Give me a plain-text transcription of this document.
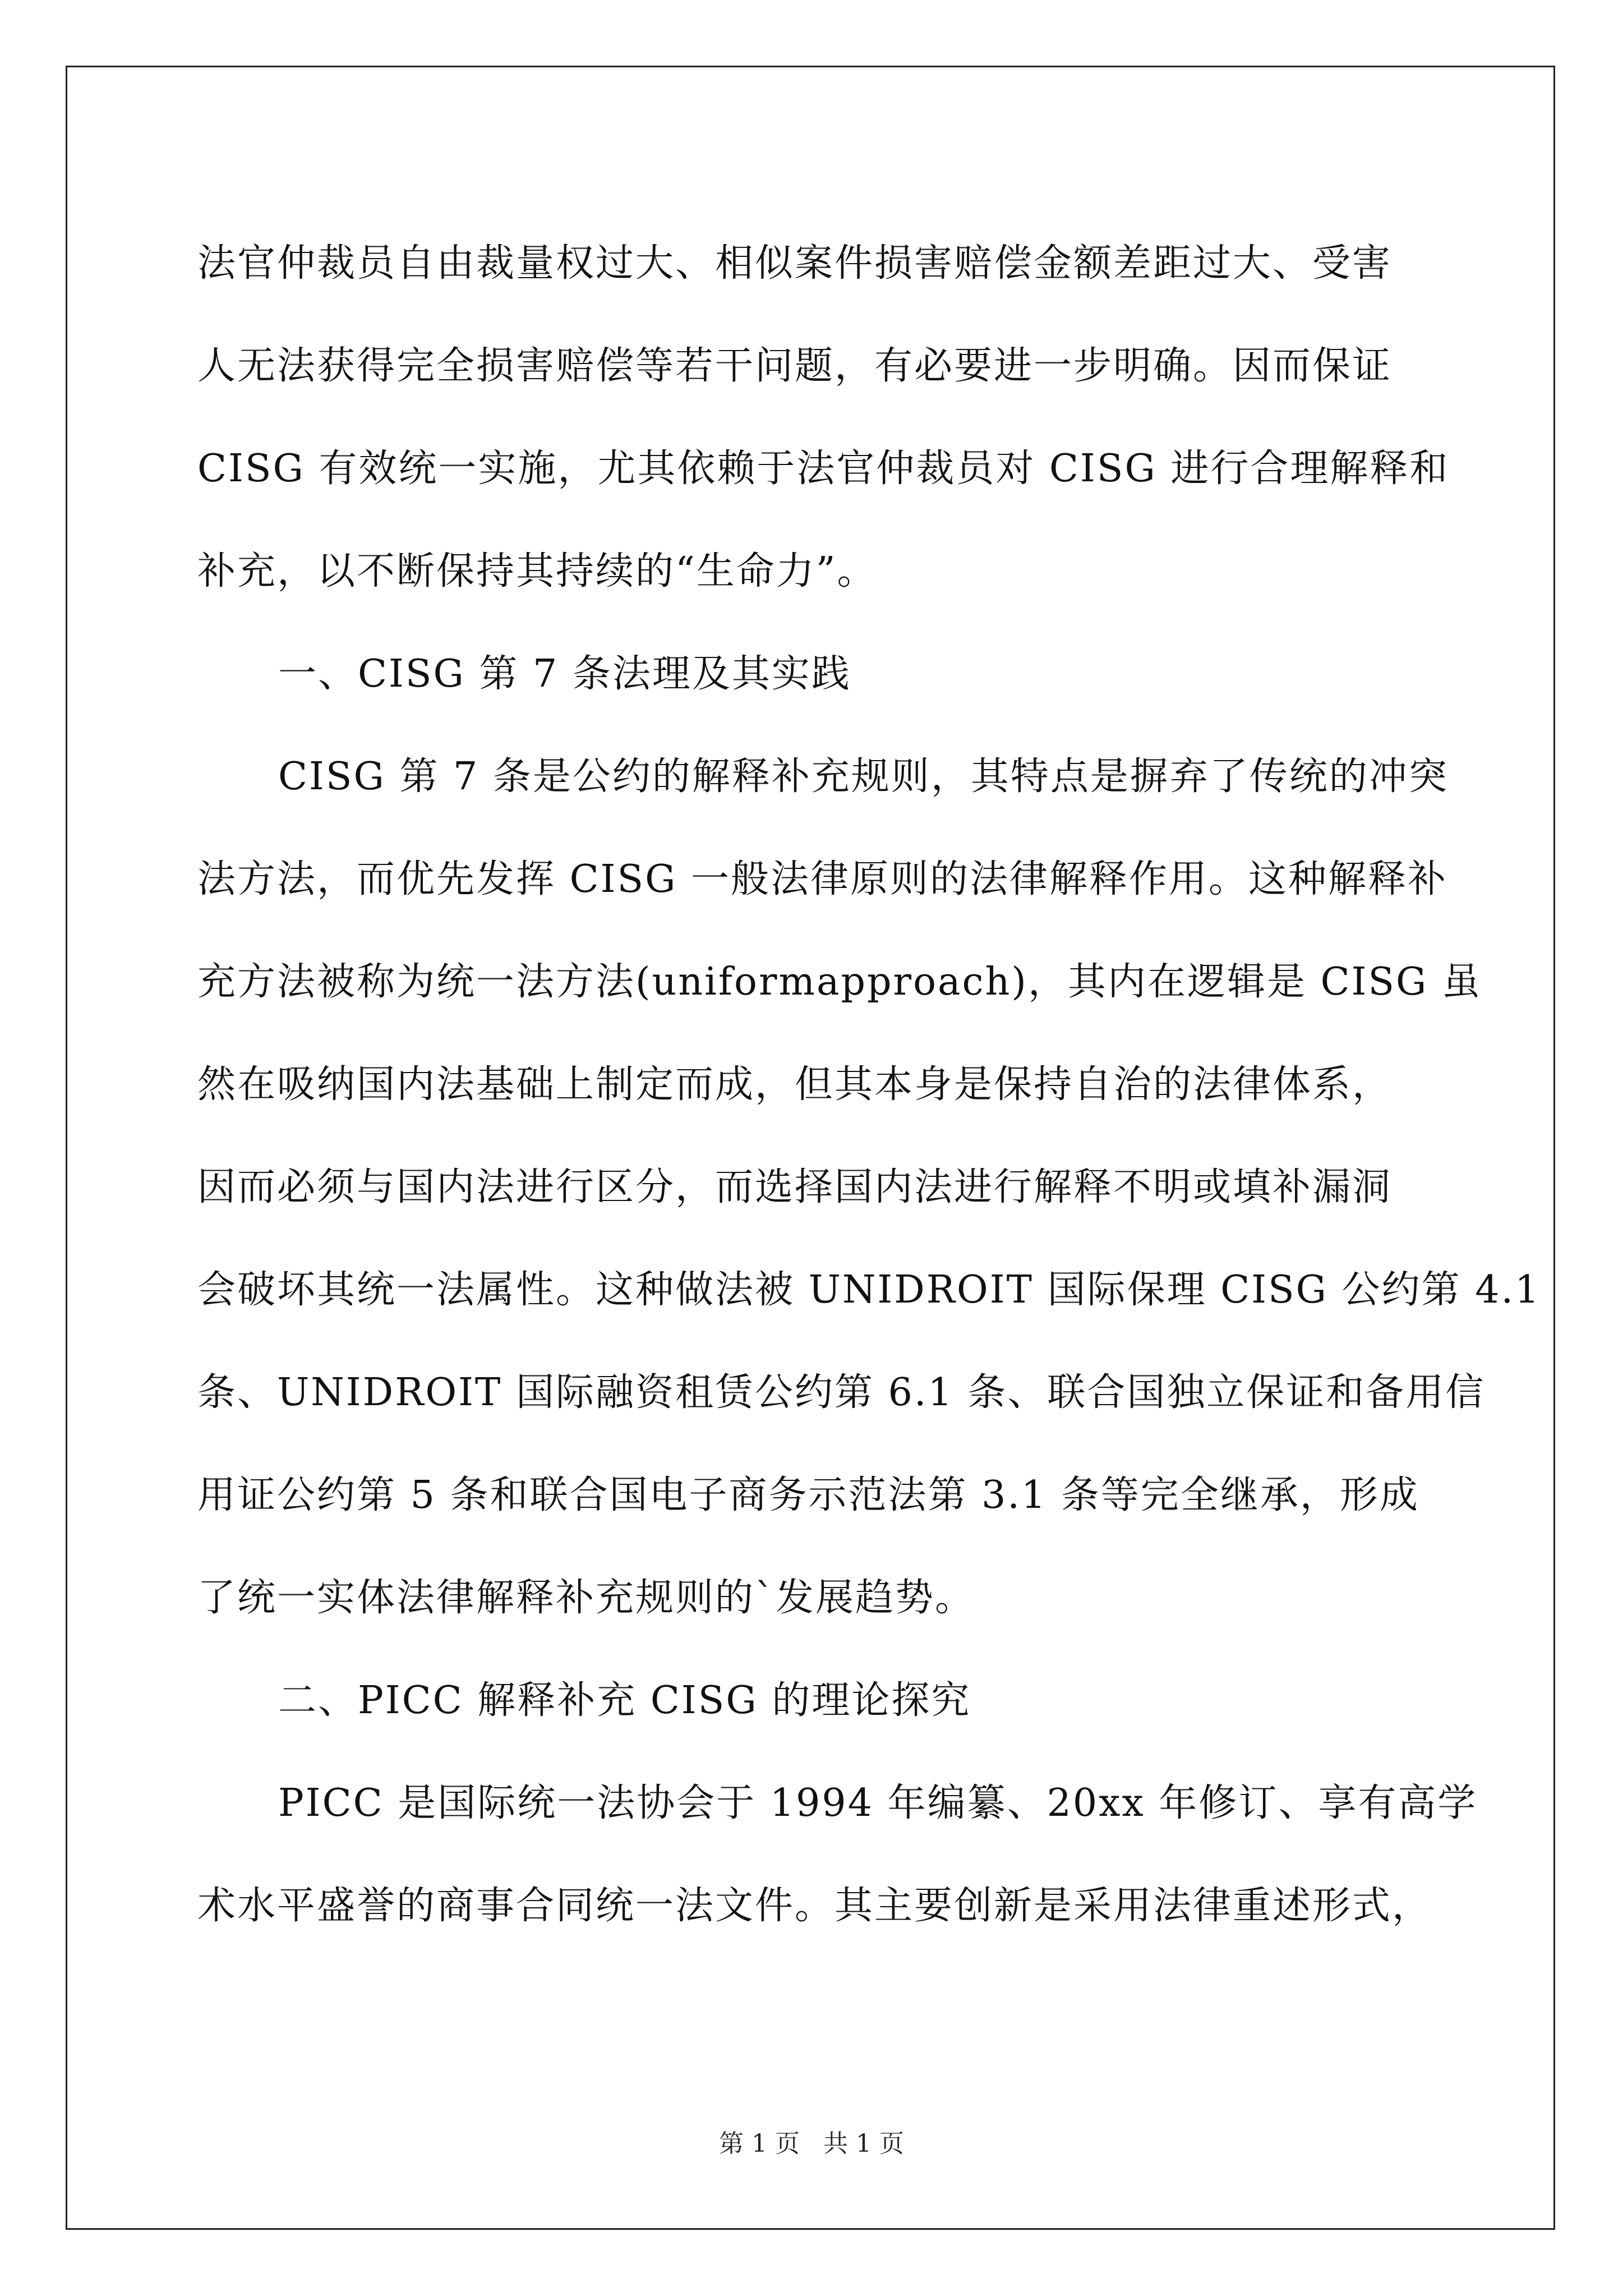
法官仲裁员自由裁量权过大、相似案件损害赔偿金额差距过大、受害
人无法获得完全损害赔偿等若干问题，有必要进一步明确。因而保证
CISG 有效统一实施，尤其依赖于法官仲裁员对 CISG 进行合理解释和
补充，以不断保持其持续的“生命力”。
一、CISG 第 7 条法理及其实践
CISG 第 7 条是公约的解释补充规则，其特点是摒弃了传统的冲突
法方法，而优先发挥 CISG 一般法律原则的法律解释作用。这种解释补
充方法被称为统一法方法(uniformapproach)，其内在逻辑是 CISG 虽
然在吸纳国内法基础上制定而成，但其本身是保持自治的法律体系，
因而必须与国内法进行区分，而选择国内法进行解释不明或填补漏洞
会破坏其统一法属性。这种做法被 UNIDROIT 国际保理 CISG 公约第 4.1
条、UNIDROIT 国际融资租赁公约第 6.1 条、联合国独立保证和备用信
用证公约第 5 条和联合国电子商务示范法第 3.1 条等完全继承，形成
了统一实体法律解释补充规则的`发展趋势。
二、PICC 解释补充 CISG 的理论探究
PICC 是国际统一法协会于 1994 年编纂、20xx 年修订、享有高学
术水平盛誉的商事合同统一法文件。其主要创新是采用法律重述形式，
第 1 页 共 1 页
